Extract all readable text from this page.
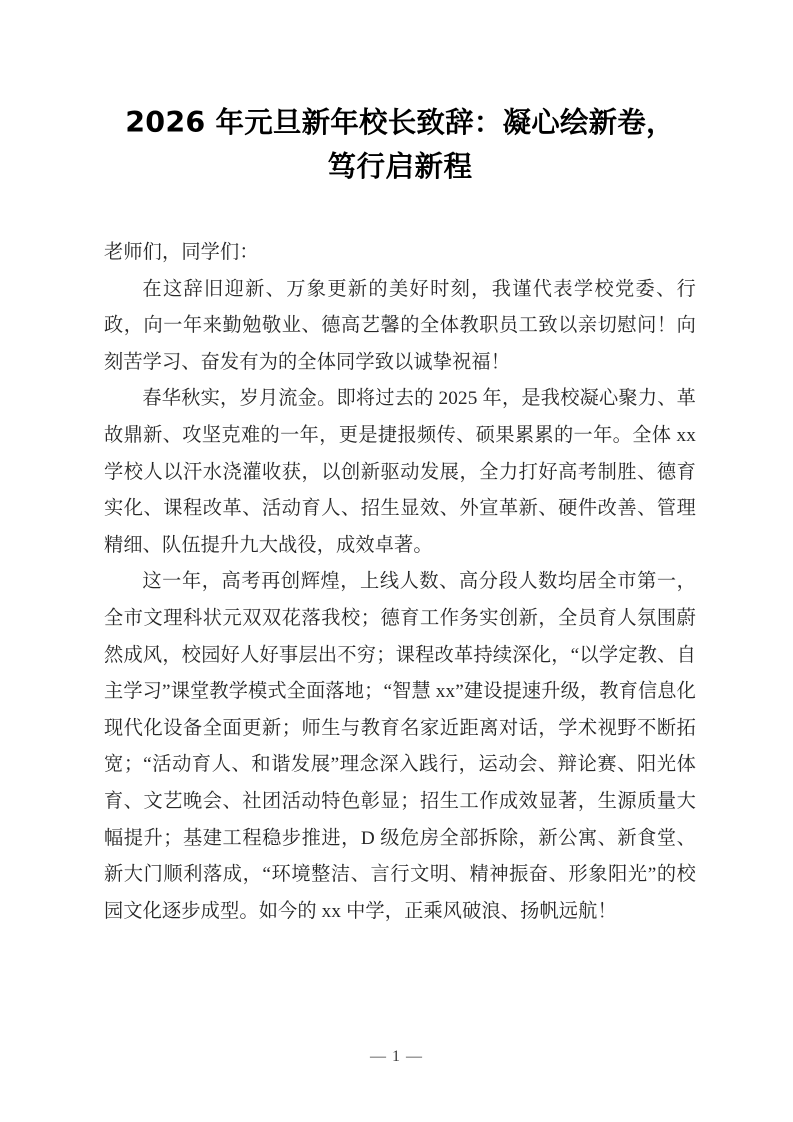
2026 年元旦新年校长致辞：凝心绘新卷，
笃行启新程

老师们，同学们：

在这辞旧迎新、万象更新的美好时刻，我谨代表学校党委、行政，向一年来勤勉敬业、德高艺馨的全体教职员工致以亲切慰问！向刻苦学习、奋发有为的全体同学致以诚挚祝福！

春华秋实，岁月流金。即将过去的 2025 年，是我校凝心聚力、革故鼎新、攻坚克难的一年，更是捷报频传、硕果累累的一年。全体 xx 学校人以汗水浇灌收获，以创新驱动发展，全力打好高考制胜、德育实化、课程改革、活动育人、招生显效、外宣革新、硬件改善、管理精细、队伍提升九大战役，成效卓著。

这一年，高考再创辉煌，上线人数、高分段人数均居全市第一，全市文理科状元双双花落我校；德育工作务实创新，全员育人氛围蔚然成风，校园好人好事层出不穷；课程改革持续深化，“以学定教、自主学习”课堂教学模式全面落地；“智慧 xx”建设提速升级，教育信息化现代化设备全面更新；师生与教育名家近距离对话，学术视野不断拓宽；“活动育人、和谐发展”理念深入践行，运动会、辩论赛、阳光体育、文艺晚会、社团活动特色彰显；招生工作成效显著，生源质量大幅提升；基建工程稳步推进，D 级危房全部拆除，新公寓、新食堂、新大门顺利落成，“环境整洁、言行文明、精神振奋、形象阳光”的校园文化逐步成型。如今的 xx 中学，正乘风破浪、扬帆远航！

— 1 —
